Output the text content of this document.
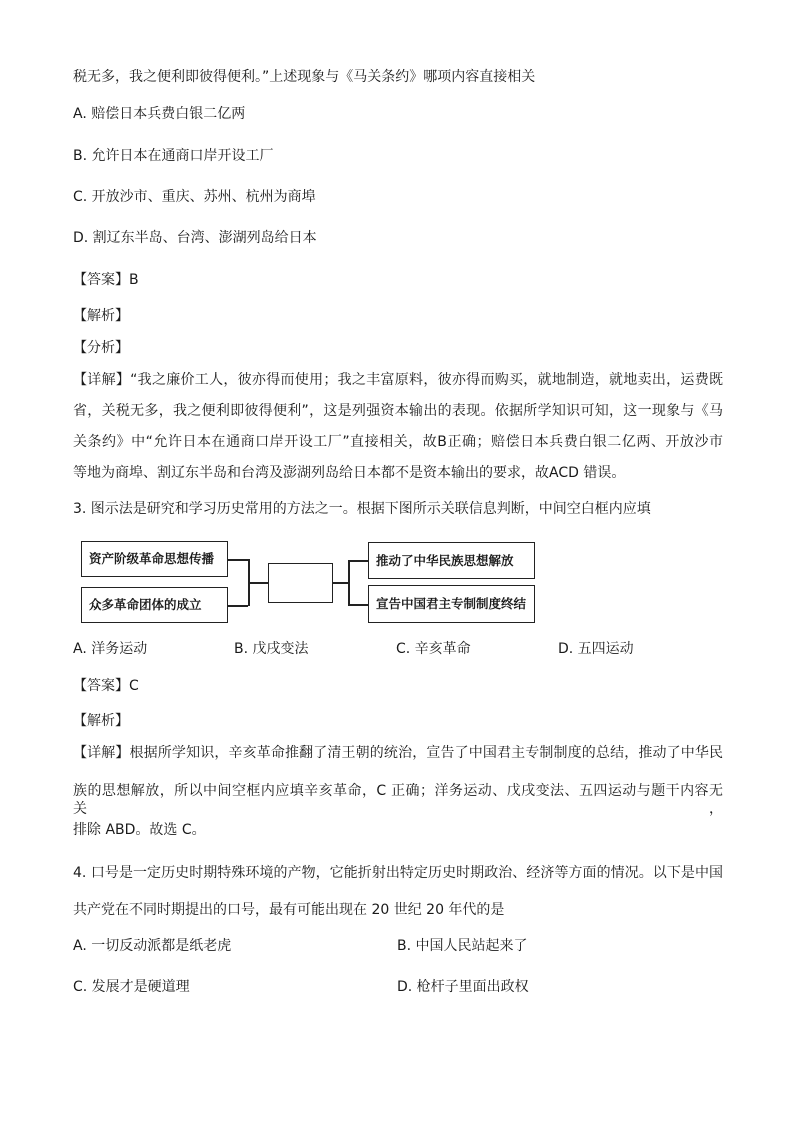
税无多，我之便利即彼得便利。”上述现象与《马关条约》哪项内容直接相关
A. 赔偿日本兵费白银二亿两
B. 允许日本在通商口岸开设工厂
C. 开放沙市、重庆、苏州、杭州为商埠
D. 割辽东半岛、台湾、澎湖列岛给日本
【答案】B
【解析】
【分析】
【详解】“我之廉价工人，彼亦得而使用；我之丰富原料，彼亦得而购买，就地制造，就地卖出，运费既
省，关税无多，我之便利即彼得便利”，这是列强资本输出的表现。依据所学知识可知，这一现象与《马
关条约》中“允许日本在通商口岸开设工厂”直接相关，故B正确；赔偿日本兵费白银二亿两、开放沙市
等地为商埠、割辽东半岛和台湾及澎湖列岛给日本都不是资本输出的要求，故ACD 错误。
3. 图示法是研究和学习历史常用的方法之一。根据下图所示关联信息判断，中间空白框内应填
资产阶级革命思想传播
众多革命团体的成立
推动了中华民族思想解放
宣告中国君主专制制度终结
A. 洋务运动	B. 戊戌变法	C. 辛亥革命	D. 五四运动
【答案】C
【解析】
【详解】根据所学知识，辛亥革命推翻了清王朝的统治，宣告了中国君主专制制度的总结，推动了中华民
族的思想解放，所以中间空框内应填辛亥革命，C 正确；洋务运动、戊戌变法、五四运动与题干内容无关，
排除 ABD。故选 C。
4. 口号是一定历史时期特殊环境的产物，它能折射出特定历史时期政治、经济等方面的情况。以下是中国
共产党在不同时期提出的口号，最有可能出现在 20 世纪 20 年代的是
A. 一切反动派都是纸老虎	B. 中国人民站起来了
C. 发展才是硬道理	D. 枪杆子里面出政权
